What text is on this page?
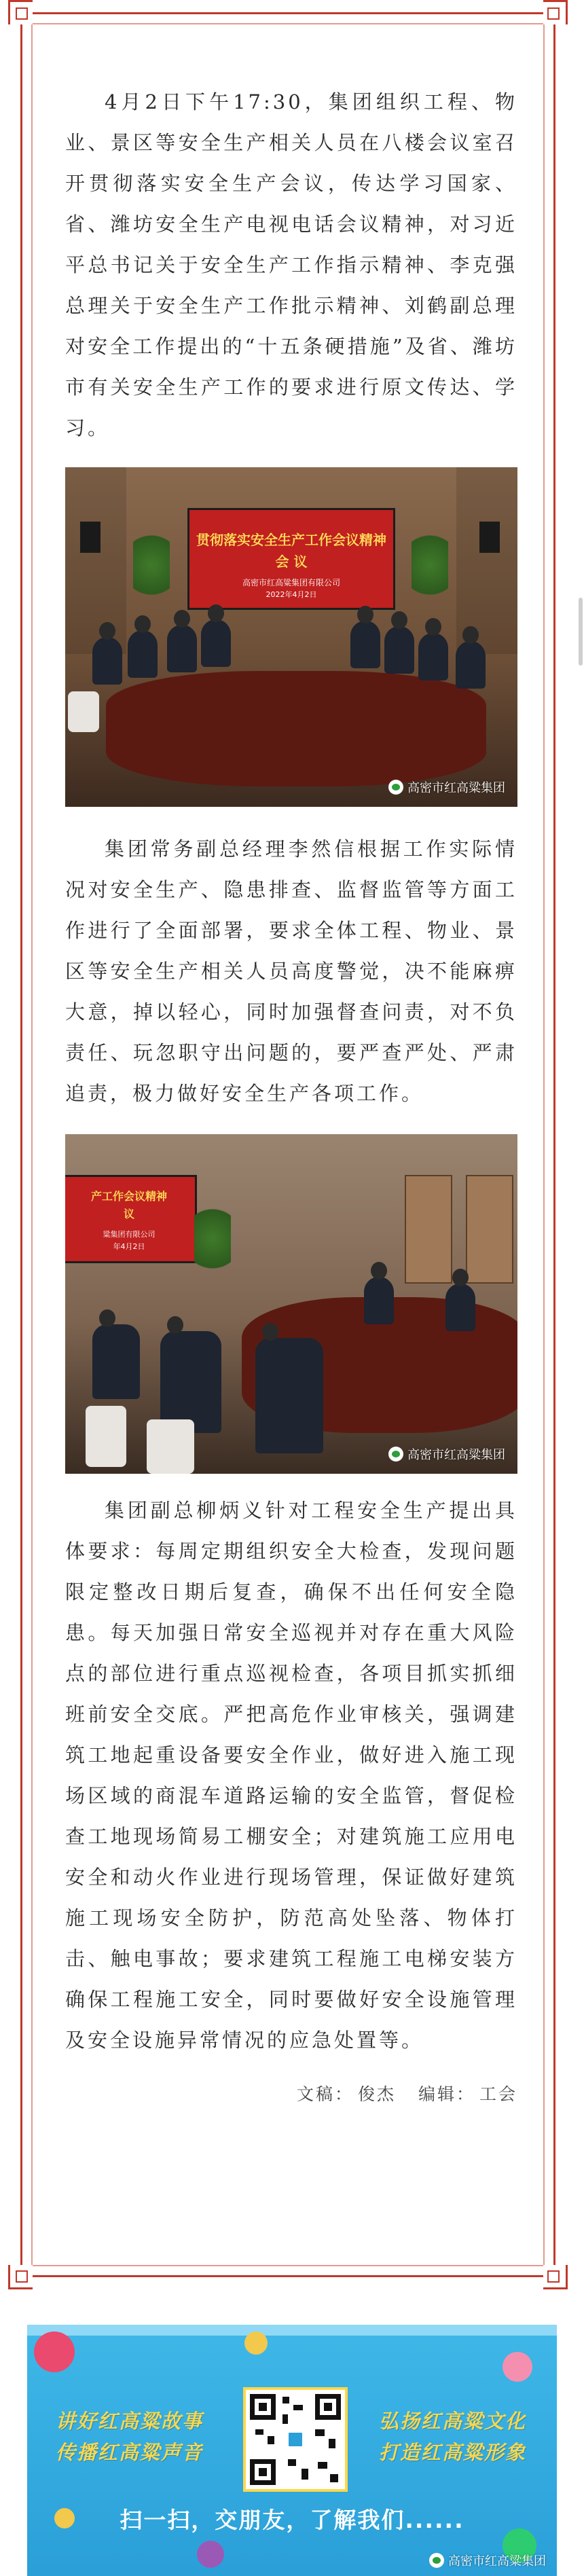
4月2日下午17:30，集团组织工程、物业、景区等安全生产相关人员在八楼会议室召开贯彻落实安全生产会议，传达学习国家、省、潍坊安全生产电视电话会议精神，对习近平总书记关于安全生产工作指示精神、李克强总理关于安全生产工作批示精神、刘鹤副总理对安全工作提出的“十五条硬措施”及省、潍坊市有关安全生产工作的要求进行原文传达、学习。

贯彻落实安全生产工作会议精神
会 议
高密市红高粱集团有限公司
2022年4月2日
高密市红高粱集团

集团常务副总经理李然信根据工作实际情况对安全生产、隐患排查、监督监管等方面工作进行了全面部署，要求全体工程、物业、景区等安全生产相关人员高度警觉，决不能麻痹大意，掉以轻心，同时加强督查问责，对不负责任、玩忽职守出问题的，要严查严处、严肃追责，极力做好安全生产各项工作。

产工作会议精神
议
粱集团有限公司
年4月2日
高密市红高粱集团

集团副总柳炳义针对工程安全生产提出具体要求：每周定期组织安全大检查，发现问题限定整改日期后复查，确保不出任何安全隐患。每天加强日常安全巡视并对存在重大风险点的部位进行重点巡视检查，各项目抓实抓细班前安全交底。严把高危作业审核关，强调建筑工地起重设备要安全作业，做好进入施工现场区域的商混车道路运输的安全监管，督促检查工地现场简易工棚安全；对建筑施工应用电安全和动火作业进行现场管理，保证做好建筑施工现场安全防护，防范高处坠落、物体打击、触电事故；要求建筑工程施工电梯安装方确保工程施工安全，同时要做好安全设施管理及安全设施异常情况的应急处置等。

文稿： 俊杰 编辑： 工会
讲好红高粱故事
传播红高粱声音
弘扬红高粱文化
打造红高粱形象
扫一扫，交朋友，了解我们......
高密市红高粱集团
